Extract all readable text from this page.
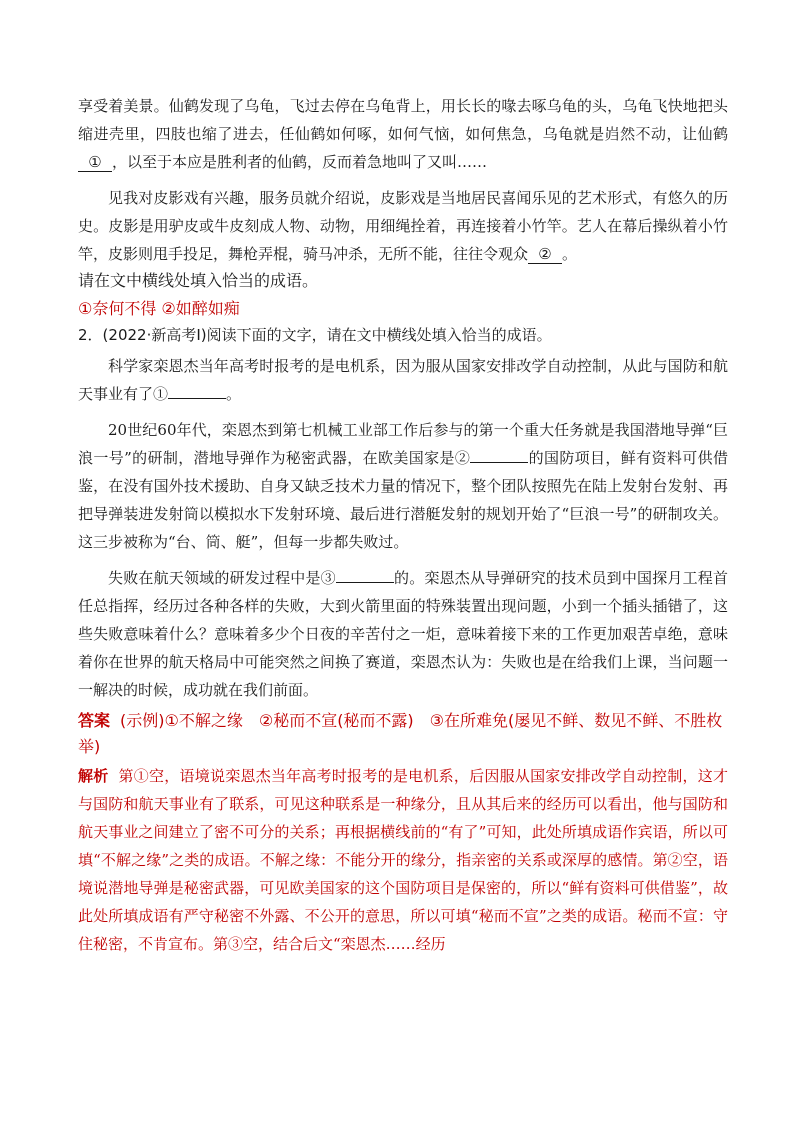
享受着美景。仙鹤发现了乌龟，飞过去停在乌龟背上，用长长的喙去啄乌龟的头，乌龟飞快地把头缩进壳里，四肢也缩了进去，任仙鹤如何啄，如何气恼，如何焦急，乌龟就是岿然不动，让仙鹤① ，以至于本应是胜利者的仙鹤，反而着急地叫了又叫……

见我对皮影戏有兴趣，服务员就介绍说，皮影戏是当地居民喜闻乐见的艺术形式，有悠久的历史。皮影是用驴皮或牛皮刻成人物、动物，用细绳拴着，再连接着小竹竿。艺人在幕后操纵着小竹竿，皮影则甩手投足，舞枪弄棍，骑马冲杀，无所不能，往往令观众 ② 。

请在文中横线处填入恰当的成语。

①奈何不得 ②如醉如痴

2．(2022·新高考Ⅰ)阅读下面的文字，请在文中横线处填入恰当的成语。

科学家栾恩杰当年高考时报考的是电机系，因为服从国家安排改学自动控制，从此与国防和航天事业有了①	。

20世纪60年代，栾恩杰到第七机械工业部工作后参与的第一个重大任务就是我国潜地导弹“巨浪一号”的研制，潜地导弹作为秘密武器，在欧美国家是②	的国防项目，鲜有资料可供借鉴，在没有国外技术援助、自身又缺乏技术力量的情况下，整个团队按照先在陆上发射台发射、再把导弹装进发射筒以模拟水下发射环境、最后进行潜艇发射的规划开始了“巨浪一号”的研制攻关。这三步被称为“台、筒、艇”，但每一步都失败过。

失败在航天领域的研发过程中是③	的。栾恩杰从导弹研究的技术员到中国探月工程首任总指挥，经历过各种各样的失败，大到火箭里面的特殊装置出现问题，小到一个插头插错了，这些失败意味着什么？意味着多少个日夜的辛苦付之一炬，意味着接下来的工作更加艰苦卓绝，意味着你在世界的航天格局中可能突然之间换了赛道，栾恩杰认为：失败也是在给我们上课，当问题一一解决的时候，成功就在我们前面。

答案 (示例)①不解之缘　②秘而不宣(秘而不露)　③在所难免(屡见不鲜、数见不鲜、不胜枚举)

解析 第①空，语境说栾恩杰当年高考时报考的是电机系，后因服从国家安排改学自动控制，这才与国防和航天事业有了联系，可见这种联系是一种缘分，且从其后来的经历可以看出，他与国防和航天事业之间建立了密不可分的关系；再根据横线前的“有了”可知，此处所填成语作宾语，所以可填“不解之缘”之类的成语。不解之缘：不能分开的缘分，指亲密的关系或深厚的感情。第②空，语境说潜地导弹是秘密武器，可见欧美国家的这个国防项目是保密的，所以“鲜有资料可供借鉴”，故此处所填成语有严守秘密不外露、不公开的意思，所以可填“秘而不宣”之类的成语。秘而不宣：守住秘密，不肯宣布。第③空，结合后文“栾恩杰……经历
